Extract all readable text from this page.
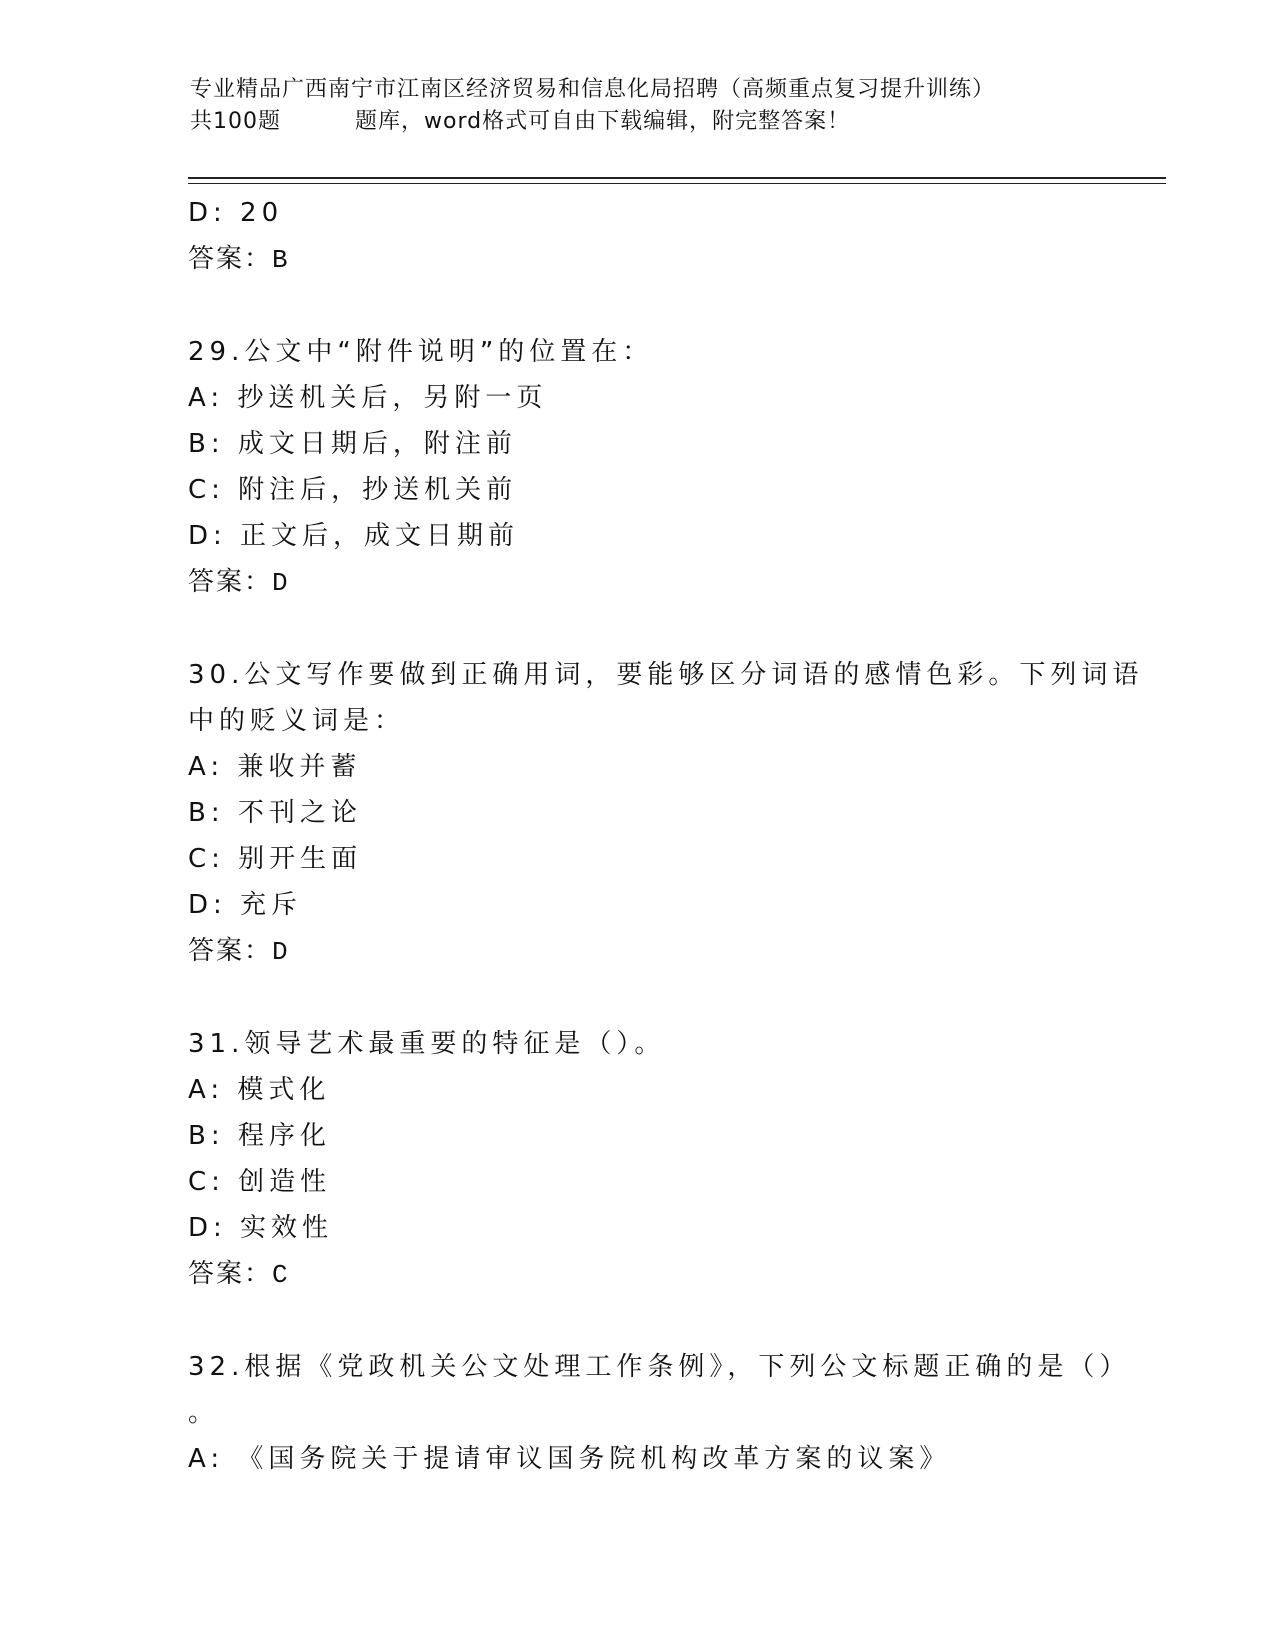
专业精品广西南宁市江南区经济贸易和信息化局招聘（高频重点复习提升训练）
共100题	题库，word格式可自由下载编辑，附完整答案！

D: 20

答案：B

29.公文中“附件说明”的位置在：

A: 抄送机关后，另附一页

B: 成文日期后，附注前

C: 附注后，抄送机关前

D: 正文后，成文日期前

答案：D

30.公文写作要做到正确用词，要能够区分词语的感情色彩。下列词语

中的贬义词是：

A: 兼收并蓄

B: 不刊之论

C: 别开生面

D: 充斥

答案：D

31.领导艺术最重要的特征是（）。

A: 模式化

B: 程序化

C: 创造性

D: 实效性

答案：C

32.根据《党政机关公文处理工作条例》，下列公文标题正确的是（）

。

A: 《国务院关于提请审议国务院机构改革方案的议案》
